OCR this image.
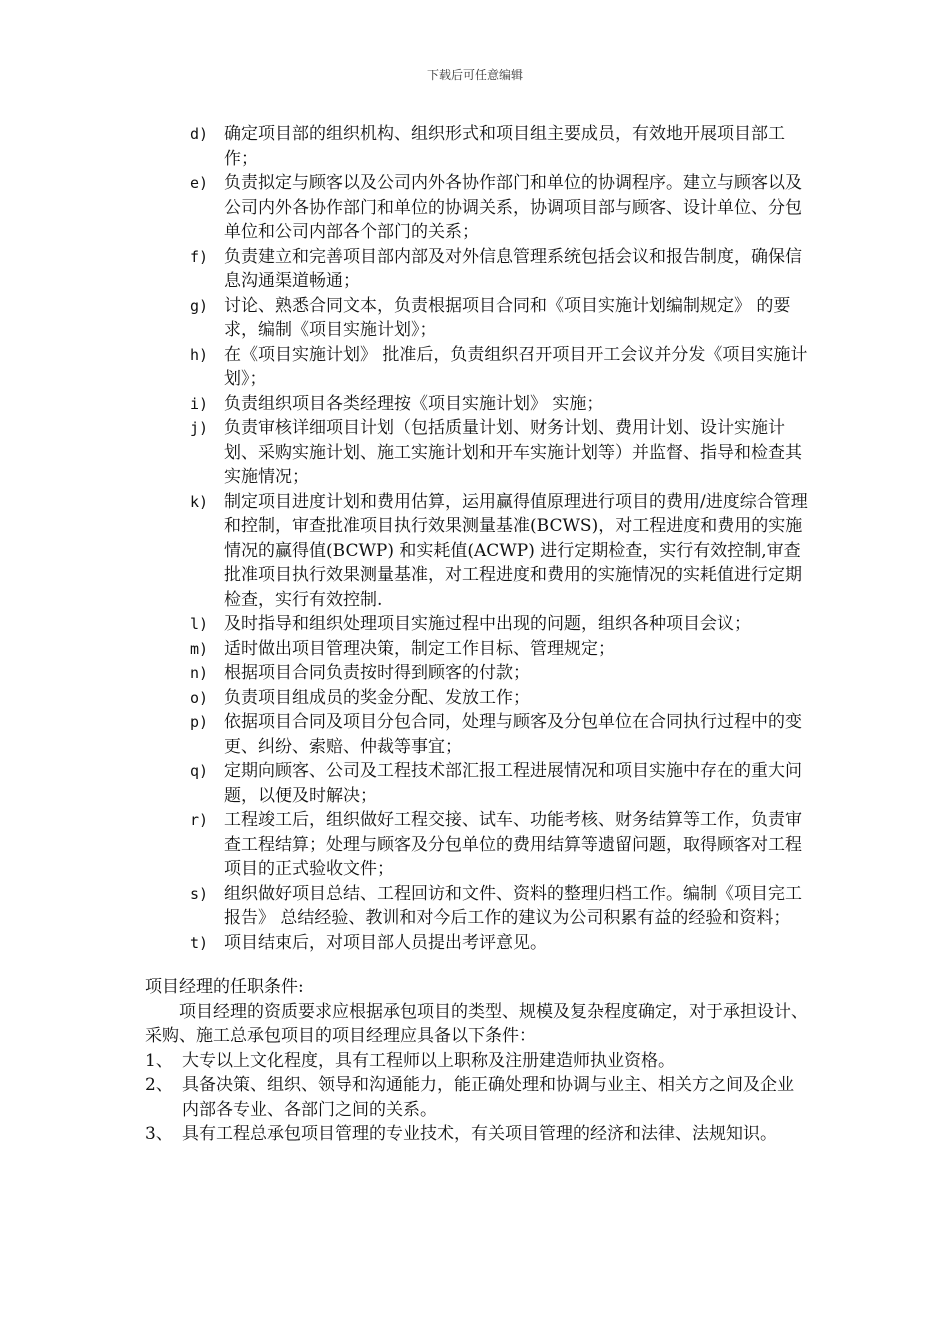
下载后可任意编辑
d) 确定项目部的组织机构、组织形式和项目组主要成员，有效地开展项目部工作；
e) 负责拟定与顾客以及公司内外各协作部门和单位的协调程序。建立与顾客以及公司内外各协作部门和单位的协调关系，协调项目部与顾客、设计单位、分包单位和公司内部各个部门的关系；
f) 负责建立和完善项目部内部及对外信息管理系统包括会议和报告制度，确保信息沟通渠道畅通；
g) 讨论、熟悉合同文本，负责根据项目合同和《项目实施计划编制规定》 的要求，编制《项目实施计划》；
h) 在《项目实施计划》 批准后，负责组织召开项目开工会议并分发《项目实施计划》；
i) 负责组织项目各类经理按《项目实施计划》 实施；
j) 负责审核详细项目计划（包括质量计划、财务计划、费用计划、设计实施计划、采购实施计划、施工实施计划和开车实施计划等）并监督、指导和检查其实施情况；
k) 制定项目进度计划和费用估算，运用赢得值原理进行项目的费用/进度综合管理和控制，审查批准项目执行效果测量基准(BCWS)，对工程进度和费用的实施情况的赢得值(BCWP) 和实耗值(ACWP) 进行定期检查，实行有效控制,审查批准项目执行效果测量基准，对工程进度和费用的实施情况的实耗值进行定期检查，实行有效控制.
l) 及时指导和组织处理项目实施过程中出现的问题，组织各种项目会议；
m) 适时做出项目管理决策，制定工作目标、管理规定；
n) 根据项目合同负责按时得到顾客的付款；
o) 负责项目组成员的奖金分配、发放工作；
p) 依据项目合同及项目分包合同，处理与顾客及分包单位在合同执行过程中的变更、纠纷、索赔、仲裁等事宜；
q) 定期向顾客、公司及工程技术部汇报工程进展情况和项目实施中存在的重大问题，以便及时解决；
r) 工程竣工后，组织做好工程交接、试车、功能考核、财务结算等工作，负责审查工程结算；处理与顾客及分包单位的费用结算等遗留问题，取得顾客对工程项目的正式验收文件；
s) 组织做好项目总结、工程回访和文件、资料的整理归档工作。编制《项目完工报告》 总结经验、教训和对今后工作的建议为公司积累有益的经验和资料；
t) 项目结束后，对项目部人员提出考评意见。
项目经理的任职条件:
项目经理的资质要求应根据承包项目的类型、规模及复杂程度确定，对于承担设计、采购、施工总承包项目的项目经理应具备以下条件：
1、 大专以上文化程度，具有工程师以上职称及注册建造师执业资格。
2、 具备决策、组织、领导和沟通能力，能正确处理和协调与业主、相关方之间及企业内部各专业、各部门之间的关系。
3、 具有工程总承包项目管理的专业技术，有关项目管理的经济和法律、法规知识。
